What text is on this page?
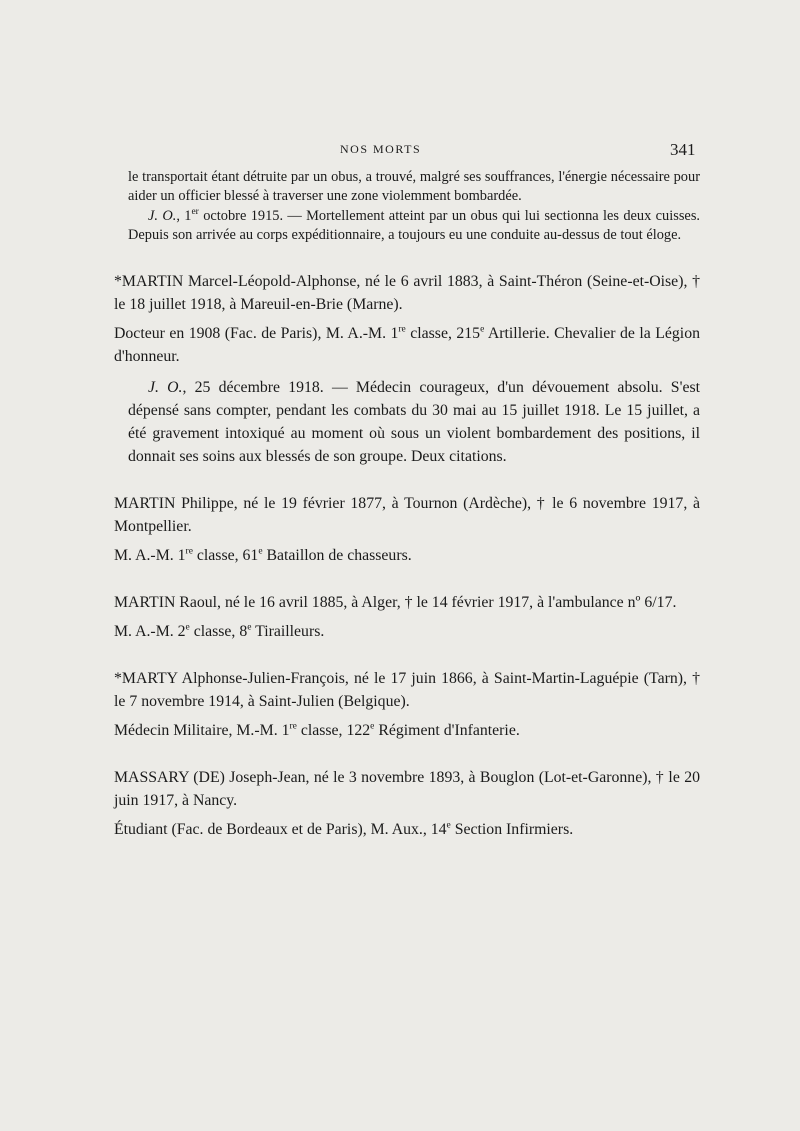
NOS MORTS	341

le transportait étant détruite par un obus, a trouvé, malgré ses souffrances, l'énergie nécessaire pour aider un officier blessé à traverser une zone violemment bombardée.

J. O., 1er octobre 1915. — Mortellement atteint par un obus qui lui sectionna les deux cuisses. Depuis son arrivée au corps expéditionnaire, a toujours eu une conduite au-dessus de tout éloge.

*MARTIN Marcel-Léopold-Alphonse, né le 6 avril 1883, à Saint-Théron (Seine-et-Oise), † le 18 juillet 1918, à Mareuil-en-Brie (Marne).

Docteur en 1908 (Fac. de Paris), M. A.-M. 1re classe, 215e Artillerie. Chevalier de la Légion d'honneur.

J. O., 25 décembre 1918. — Médecin courageux, d'un dévouement absolu. S'est dépensé sans compter, pendant les combats du 30 mai au 15 juillet 1918. Le 15 juillet, a été gravement intoxiqué au moment où sous un violent bombardement des positions, il donnait ses soins aux blessés de son groupe. Deux citations.

MARTIN Philippe, né le 19 février 1877, à Tournon (Ardèche), † le 6 novembre 1917, à Montpellier.

M. A.-M. 1re classe, 61e Bataillon de chasseurs.

MARTIN Raoul, né le 16 avril 1885, à Alger, † le 14 février 1917, à l'ambulance nº 6/17.

M. A.-M. 2e classe, 8e Tirailleurs.

*MARTY Alphonse-Julien-François, né le 17 juin 1866, à Saint-Martin-Laguépie (Tarn), † le 7 novembre 1914, à Saint-Julien (Belgique).

Médecin Militaire, M.-M. 1re classe, 122e Régiment d'Infanterie.

MASSARY (DE) Joseph-Jean, né le 3 novembre 1893, à Bouglon (Lot-et-Garonne), † le 20 juin 1917, à Nancy.

Étudiant (Fac. de Bordeaux et de Paris), M. Aux., 14e Section Infirmiers.
